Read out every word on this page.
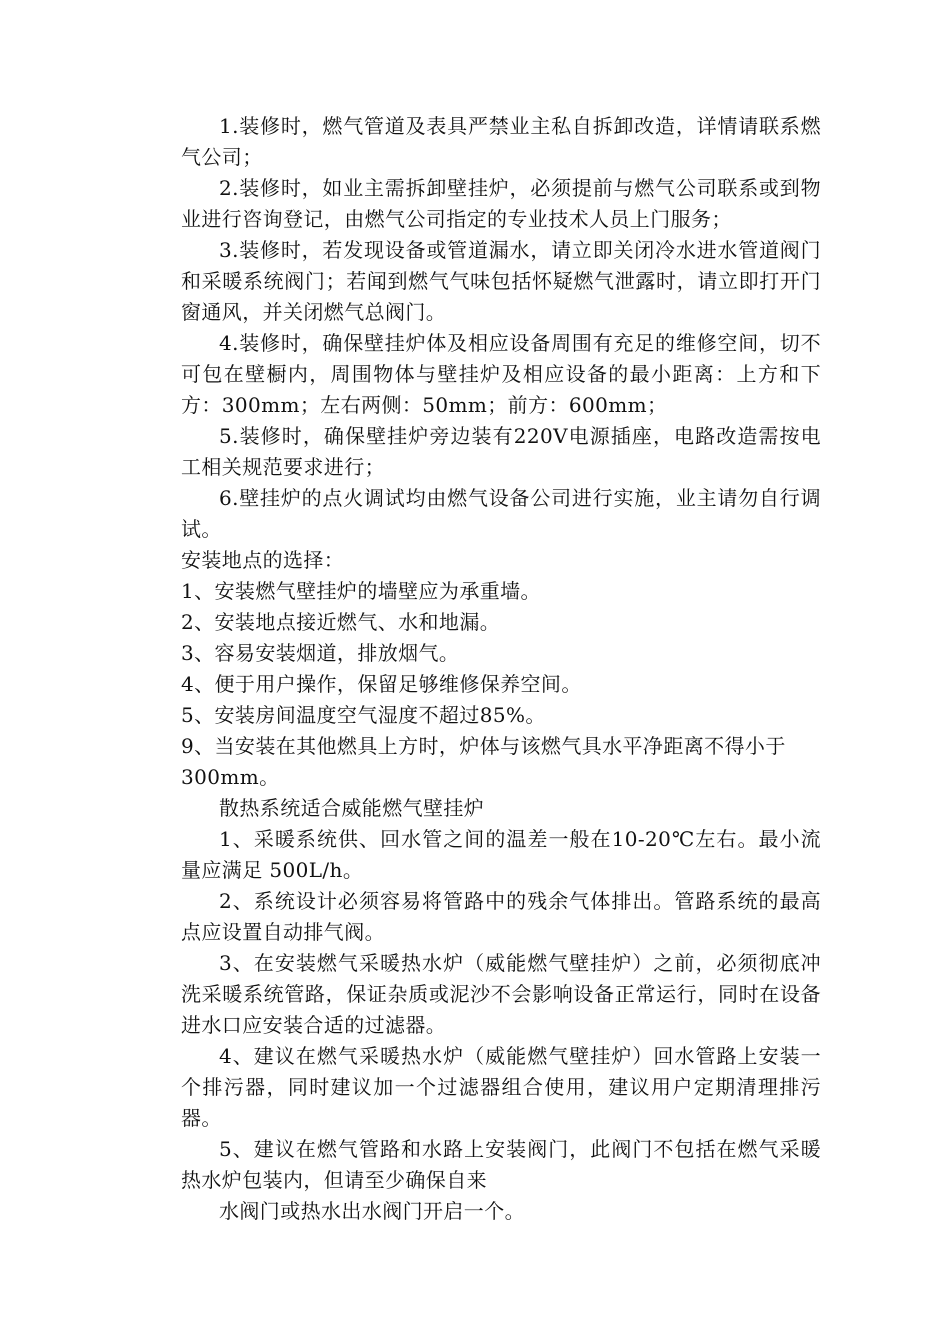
1.装修时，燃气管道及表具严禁业主私自拆卸改造，详情请联系燃气公司；

2.装修时，如业主需拆卸壁挂炉，必须提前与燃气公司联系或到物业进行咨询登记，由燃气公司指定的专业技术人员上门服务；

3.装修时，若发现设备或管道漏水，请立即关闭冷水进水管道阀门和采暖系统阀门；若闻到燃气气味包括怀疑燃气泄露时，请立即打开门窗通风，并关闭燃气总阀门。

4.装修时，确保壁挂炉体及相应设备周围有充足的维修空间，切不可包在壁橱内，周围物体与壁挂炉及相应设备的最小距离：上方和下方：300mm；左右两侧：50mm；前方：600mm；

5.装修时，确保壁挂炉旁边装有220V电源插座，电路改造需按电工相关规范要求进行；

6.壁挂炉的点火调试均由燃气设备公司进行实施，业主请勿自行调试。

安装地点的选择：

1、安装燃气壁挂炉的墙壁应为承重墙。

2、安装地点接近燃气、水和地漏。

3、容易安装烟道，排放烟气。

4、便于用户操作，保留足够维修保养空间。

5、安装房间温度空气湿度不超过85%。

9、当安装在其他燃具上方时，炉体与该燃气具水平净距离不得小于300mm。

散热系统适合威能燃气壁挂炉

1、采暖系统供、回水管之间的温差一般在10-20℃左右。最小流量应满足 500L/h。

2、系统设计必须容易将管路中的残余气体排出。管路系统的最高点应设置自动排气阀。

3、在安装燃气采暖热水炉（威能燃气壁挂炉）之前，必须彻底冲洗采暖系统管路，保证杂质或泥沙不会影响设备正常运行，同时在设备进水口应安装合适的过滤器。

4、建议在燃气采暖热水炉（威能燃气壁挂炉）回水管路上安装一个排污器，同时建议加一个过滤器组合使用，建议用户定期清理排污器。

5、建议在燃气管路和水路上安装阀门，此阀门不包括在燃气采暖热水炉包装内，但请至少确保自来

水阀门或热水出水阀门开启一个。
